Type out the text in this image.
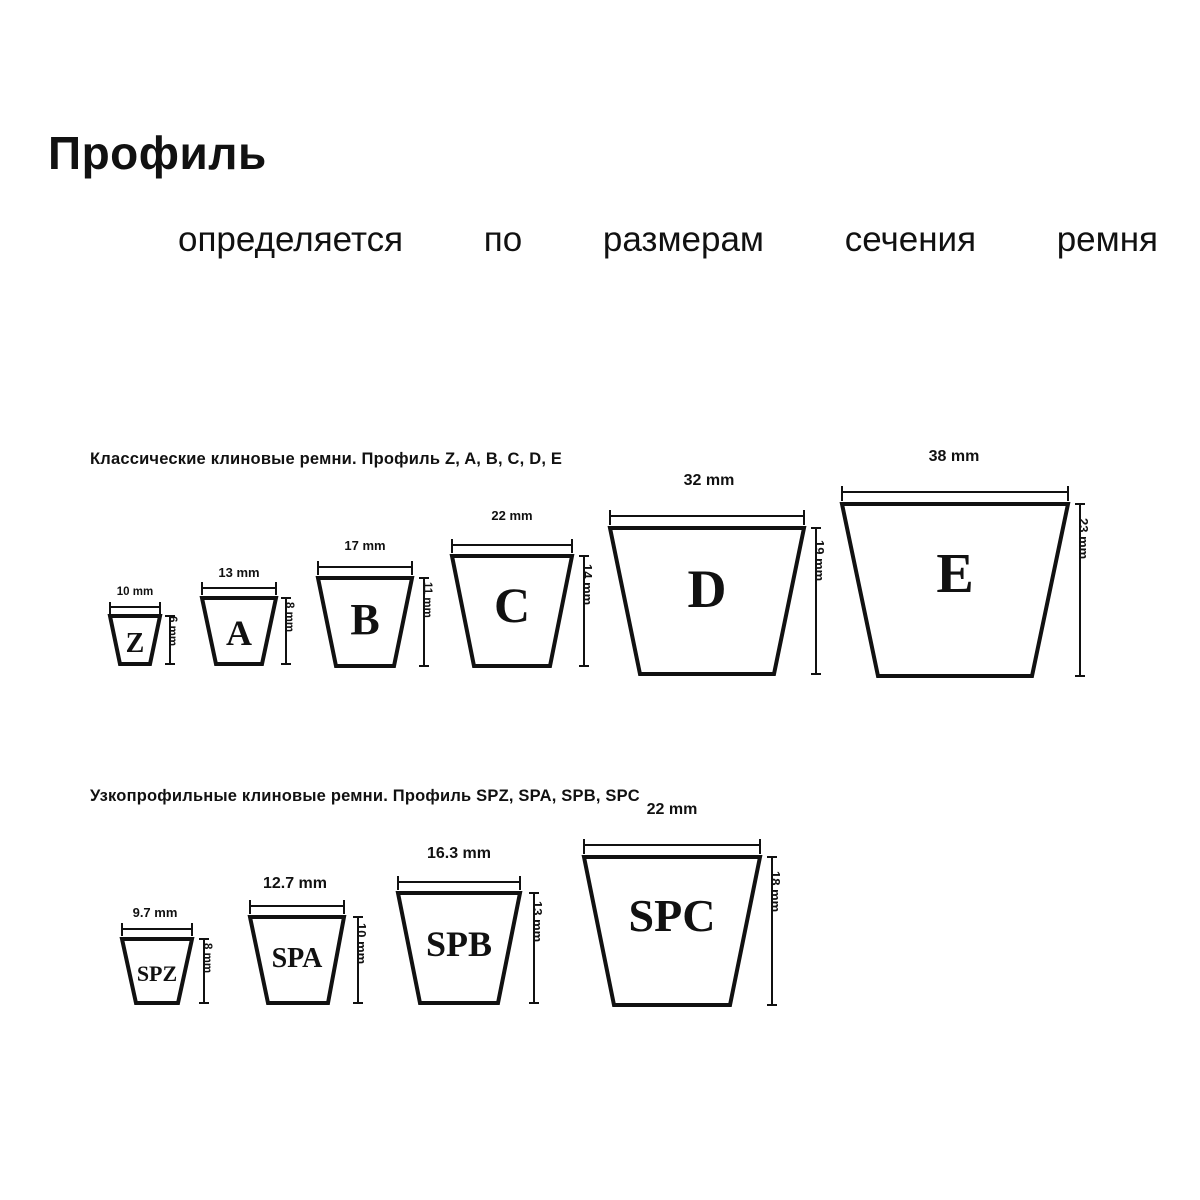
Профиль

определяется по размерам сечения ремня

Классические клиновые ремни. Профиль Z, A, B, C, D, E
Узкопрофильные клиновые ремни. Профиль SPZ, SPA, SPB, SPC
Z
10 mm
6 mm	A
13 mm
8 mm	B
17 mm
11 mm	C
22 mm
14 mm	D
32 mm
19 mm	E
38 mm
23 mm
SPZ
9.7 mm
8 mm	SPA
12.7 mm
10 mm	SPB
16.3 mm
13 mm	SPC
22 mm
18 mm
